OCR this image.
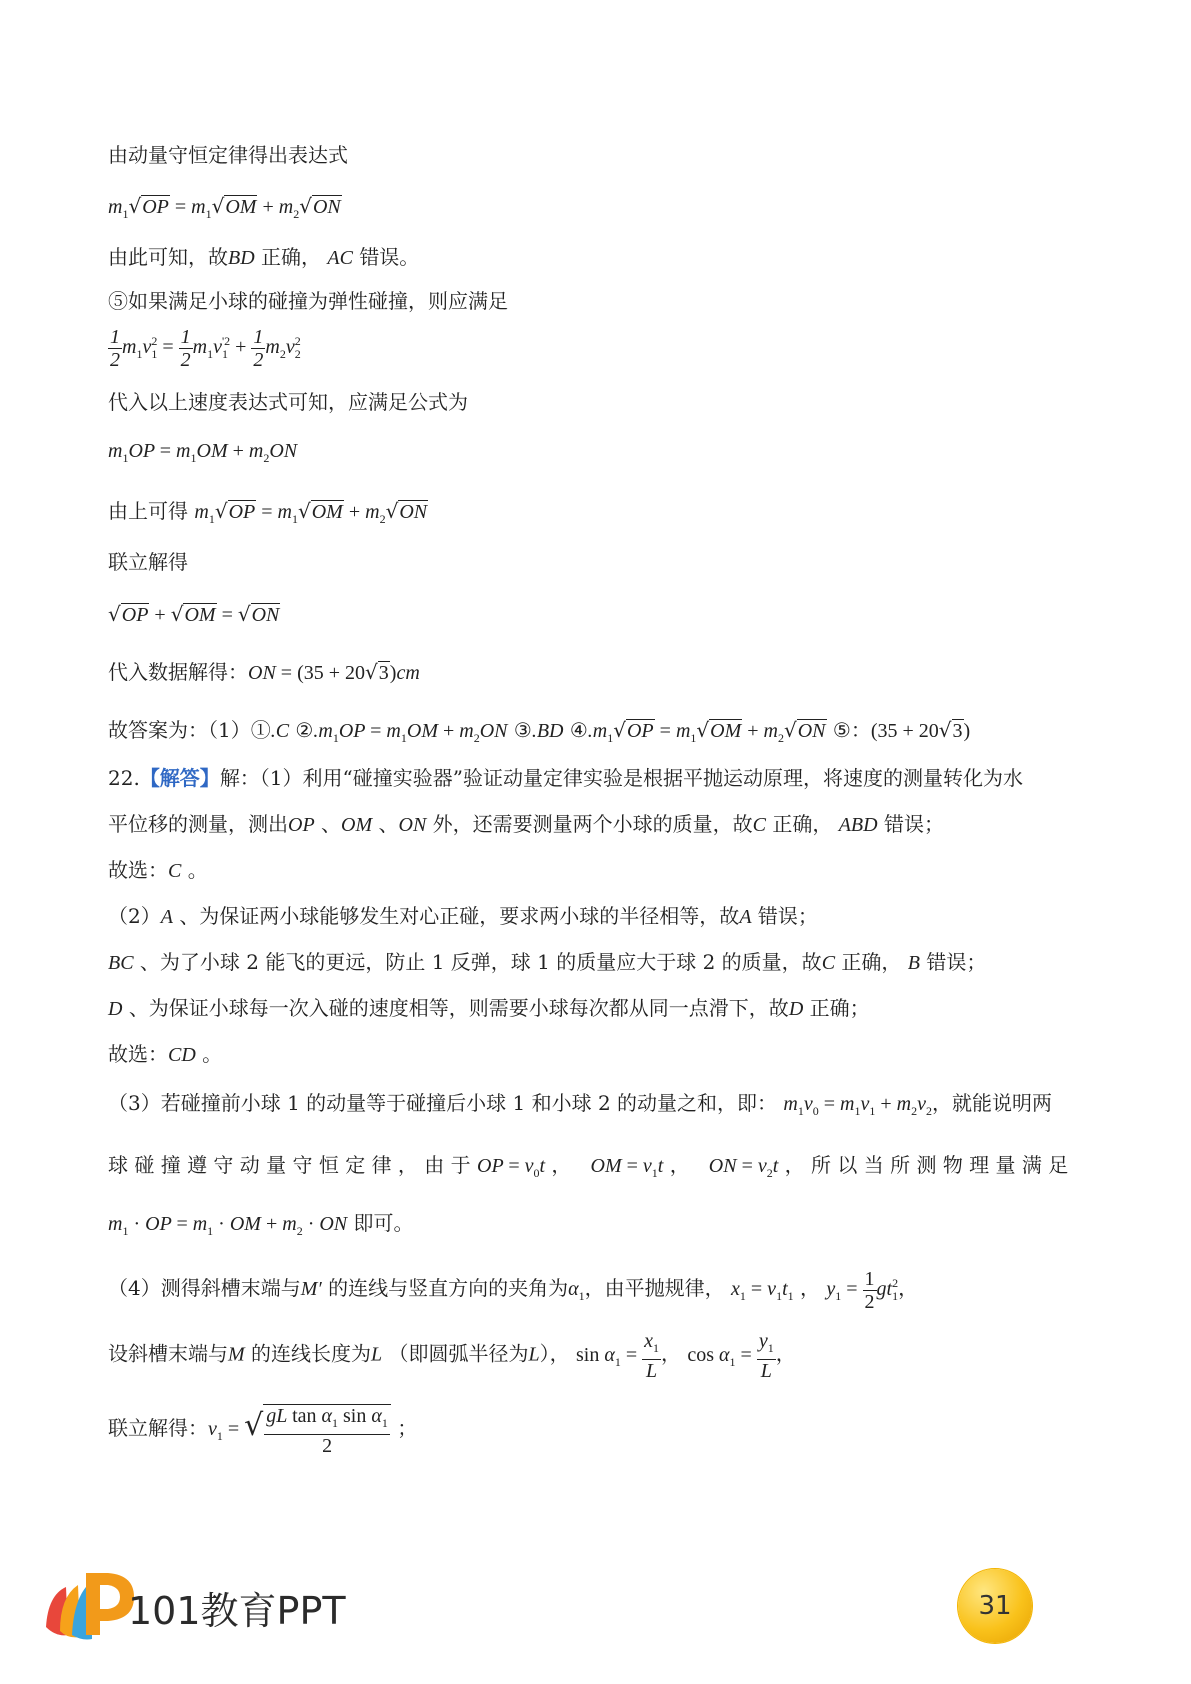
由动量守恒定律得出表达式
$m_1√OP = m_1√OM + m_2√ON$
由此可知，故BD 正确， AC 错误。
⑤如果满足小球的碰撞为弹性碰撞，则应满足
$\frac{1}{2} m_1v_1^2 = \frac{1}{2} m_1v_1^{'2} + \frac{1}{2} m_2v_2^2$
代入以上速度表达式可知，应满足公式为
$m_1OP = m_1OM + m_2ON$
由上可得 $m_1√OP = m_1√OM + m_2√ON$
联立解得
√OP + √OM = √ON
代入数据解得：ON = (35 + 20√3)cm
故答案为：（1）①.C $②.m_1OP = m_1OM + m_2ON$ ③.BD $④.m_1√OP = m_1√OM + m_2√ON$ ⑤：(35 + 20√3)
22.【解答】解：（1）利用“碰撞实验器”验证动量定律实验是根据平抛运动原理，将速度的测量转化为水
平位移的测量，测出OP 、OM 、ON 外，还需要测量两个小球的质量，故C 正确， ABD 错误；
故选：C 。
（2）A 、为保证两小球能够发生对心正碰，要求两小球的半径相等，故A 错误；
BC 、为了小球 2 能飞的更远，防止 1 反弹，球 1 的质量应大于球 2 的质量，故C 正确， B 错误；
D 、为保证小球每一次入碰的速度相等，则需要小球每次都从同一点滑下，故D 正确；
故选：CD 。
（3）若碰撞前小球 1 的动量等于碰撞后小球 1 和小球 2 的动量之和，即： $m_1v_0 = m_1v_1 + m_2v_2$，就能说明两
球 碰 撞 遵 守 动 量 守 恒 定 律 ， 由 于 OP = $v_0t$ ， OM = $v_1t$ ， ON = $v_2t$ ， 所 以 当 所 测 物 理 量 满 足
$m_1$ · OP = $m_1$ · OM + $m_2$ · ON 即可。
（4）测得斜槽末端与M′ 的连线与竖直方向的夹角为$\alpha_1$，由平抛规律， $x_1 = v_1t_1$ ， $y_1 = \frac{1}{2} gt_1^2$，
设斜槽末端与M 的连线长度为L （即圆弧半径为L）， $\sin \alpha_1 = \frac{x_1}{L}$ ， $\cos \alpha_1 = \frac{y_1}{L}$ ，
联立解得：$v_1$ = √ $\frac{gL \tan \alpha_1 \sin \alpha_1}{2}$ ；
101教育PPT	31
